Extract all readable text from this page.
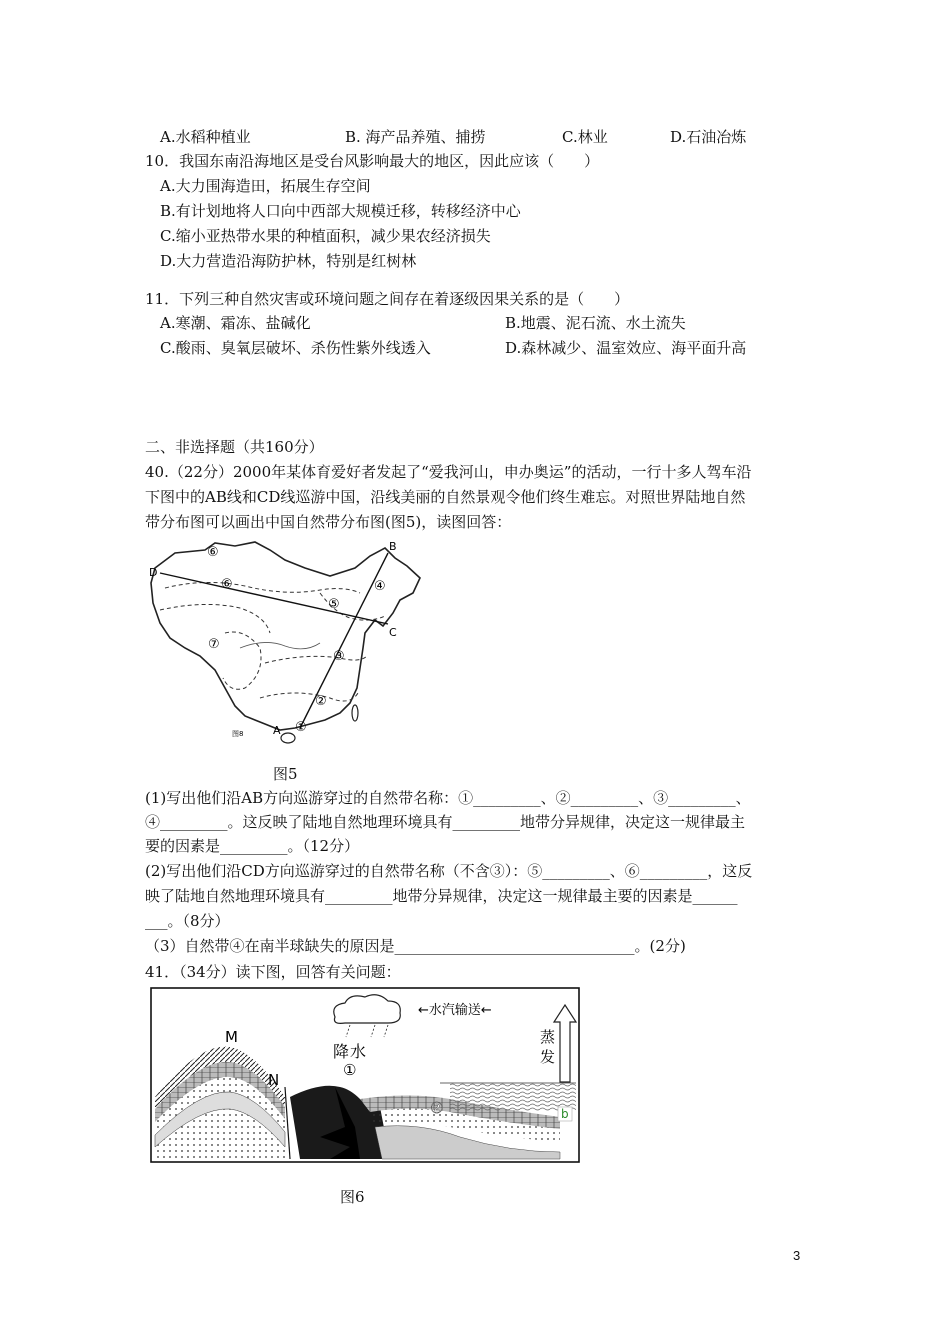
A.水稻种植业	B. 海产品养殖、捕捞	C.林业	D.石油冶炼
10．我国东南沿海地区是受台风影响最大的地区，因此应该（　　）
A.大力围海造田，拓展生存空间
B.有计划地将人口向中西部大规模迁移，转移经济中心
C.缩小亚热带水果的种植面积，减少果农经济损失
D.大力营造沿海防护林，特别是红树林
11．下列三种自然灾害或环境问题之间存在着逐级因果关系的是（　　）
A.寒潮、霜冻、盐碱化	B.地震、泥石流、水土流失
C.酸雨、臭氧层破坏、杀伤性紫外线透入	D.森林减少、温室效应、海平面升高
二、非选择题（共160分）
40.（22分）2000年某体育爱好者发起了“爱我河山，申办奥运”的活动，一行十多人驾车沿
下图中的AB线和CD线巡游中国，沿线美丽的自然景观令他们终生难忘。对照世界陆地自然
带分布图可以画出中国自然带分布图(图5)，读图回答：
B
A
C
D
⑥
⑥	④
⑤
⑦
③
②
①
图8
图5
(1)写出他们沿AB方向巡游穿过的自然带名称：①_________、②_________、③_________、
④_________。这反映了陆地自然地理环境具有_________地带分异规律，决定这一规律最主
要的因素是_________。（12分）
(2)写出他们沿CD方向巡游穿过的自然带名称（不含③）：⑤_________、⑥_________，这反
映了陆地自然地理环境具有_________地带分异规律，决定这一规律最主要的因素是______
___。（8分）
（3）自然带④在南半球缺失的原因是________________________________。(2分)
41．（34分）读下图，回答有关问题：
←水汽输送←
蒸
发
降 水
①
②
M
N
b
图6
3
